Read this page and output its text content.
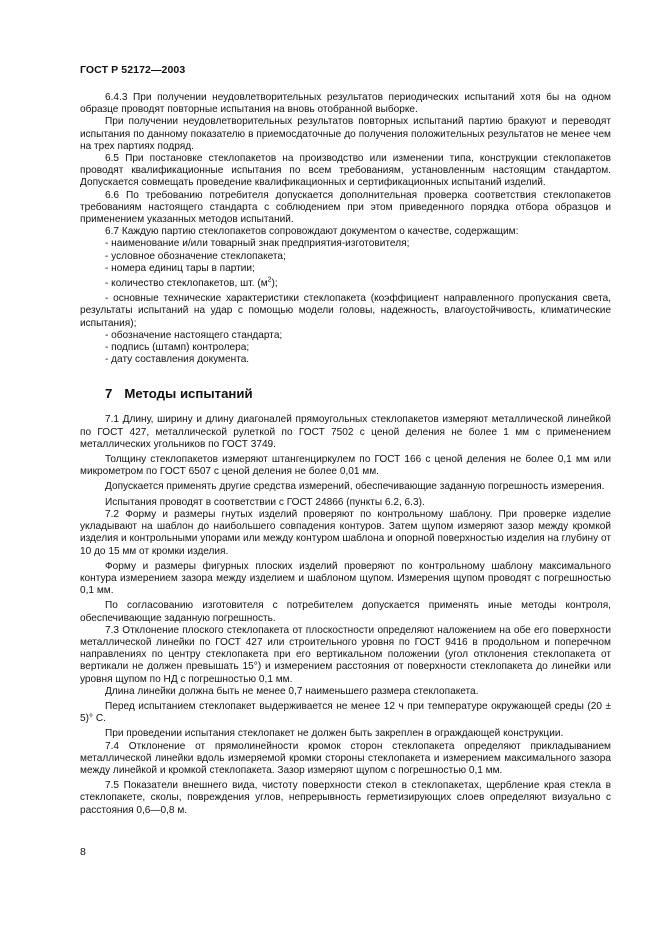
ГОСТ Р 52172—2003

6.4.3 При получении неудовлетворительных результатов периодических испытаний хотя бы на одном образце проводят повторные испытания на вновь отобранной выборке.

При получении неудовлетворительных результатов повторных испытаний партию бракуют и переводят испытания по данному показателю в приемосдаточные до получения положительных результатов не менее чем на трех партиях подряд.

6.5 При постановке стеклопакетов на производство или изменении типа, конструкции стеклопакетов проводят квалификационные испытания по всем требованиям, установленным настоящим стандартом. Допускается совмещать проведение квалификационных и сертификационных испытаний изделий.

6.6 По требованию потребителя допускается дополнительная проверка соответствия стеклопакетов требованиям настоящего стандарта с соблюдением при этом приведенного порядка отбора образцов и применением указанных методов испытаний.

6.7 Каждую партию стеклопакетов сопровождают документом о качестве, содержащим:

- наименование и/или товарный знак предприятия-изготовителя;

- условное обозначение стеклопакета;

- номера единиц тары в партии;

- количество стеклопакетов, шт. $(м^2)$;

- основные технические характеристики стеклопакета (коэффициент направленного пропускания света, результаты испытаний на удар с помощью модели головы, надежность, влагоустойчивость, климатические испытания);

- обозначение настоящего стандарта;

- подпись (штамп) контролера;

- дату составления документа.

7 Методы испытаний

7.1 Длину, ширину и длину диагоналей прямоугольных стеклопакетов измеряют металлической линейкой по ГОСТ 427, металлической рулеткой по ГОСТ 7502 с ценой деления не более 1 мм с применением металлических угольников по ГОСТ 3749.

Толщину стеклопакетов измеряют штангенциркулем по ГОСТ 166 с ценой деления не более 0,1 мм или микрометром по ГОСТ 6507 с ценой деления не более 0,01 мм.

Допускается применять другие средства измерений, обеспечивающие заданную погрешность измерения.

Испытания проводят в соответствии с ГОСТ 24866 (пункты 6.2, 6.3).

7.2 Форму и размеры гнутых изделий проверяют по контрольному шаблону. При проверке изделие укладывают на шаблон до наибольшего совпадения контуров. Затем щупом измеряют зазор между кромкой изделия и контрольными упорами или между контуром шаблона и опорной поверхностью изделия на глубину от 10 до 15 мм от кромки изделия.

Форму и размеры фигурных плоских изделий проверяют по контрольному шаблону максимального контура измерением зазора между изделием и шаблоном щупом. Измерения щупом проводят с погрешностью 0,1 мм.

По согласованию изготовителя с потребителем допускается применять иные методы контроля, обеспечивающие заданную погрешность.

7.3 Отклонение плоского стеклопакета от плоскостности определяют наложением на обе его поверхности металлической линейки по ГОСТ 427 или строительного уровня по ГОСТ 9416 в продольном и поперечном направлениях по центру стеклопакета при его вертикальном положении (угол отклонения стеклопакета от вертикали не должен превышать 15°) и измерением расстояния от поверхности стеклопакета до линейки или уровня щупом по НД с погрешностью 0,1 мм.

Длина линейки должна быть не менее 0,7 наименьшего размера стеклопакета.

Перед испытанием стеклопакет выдерживается не менее 12 ч при температуре окружающей среды (20 ± 5)° С.

При проведении испытания стеклопакет не должен быть закреплен в ограждающей конструкции.

7.4 Отклонение от прямолинейности кромок сторон стеклопакета определяют прикладыванием металлической линейки вдоль измеряемой кромки стороны стеклопакета и измерением максимального зазора между линейкой и кромкой стеклопакета. Зазор измеряют щупом с погрешностью 0,1 мм.

7.5 Показатели внешнего вида, чистоту поверхности стекол в стеклопакетах, щербление края стекла в стеклопакете, сколы, повреждения углов, непрерывность герметизирующих слоев определяют визуально с расстояния 0,6—0,8 м.

8
